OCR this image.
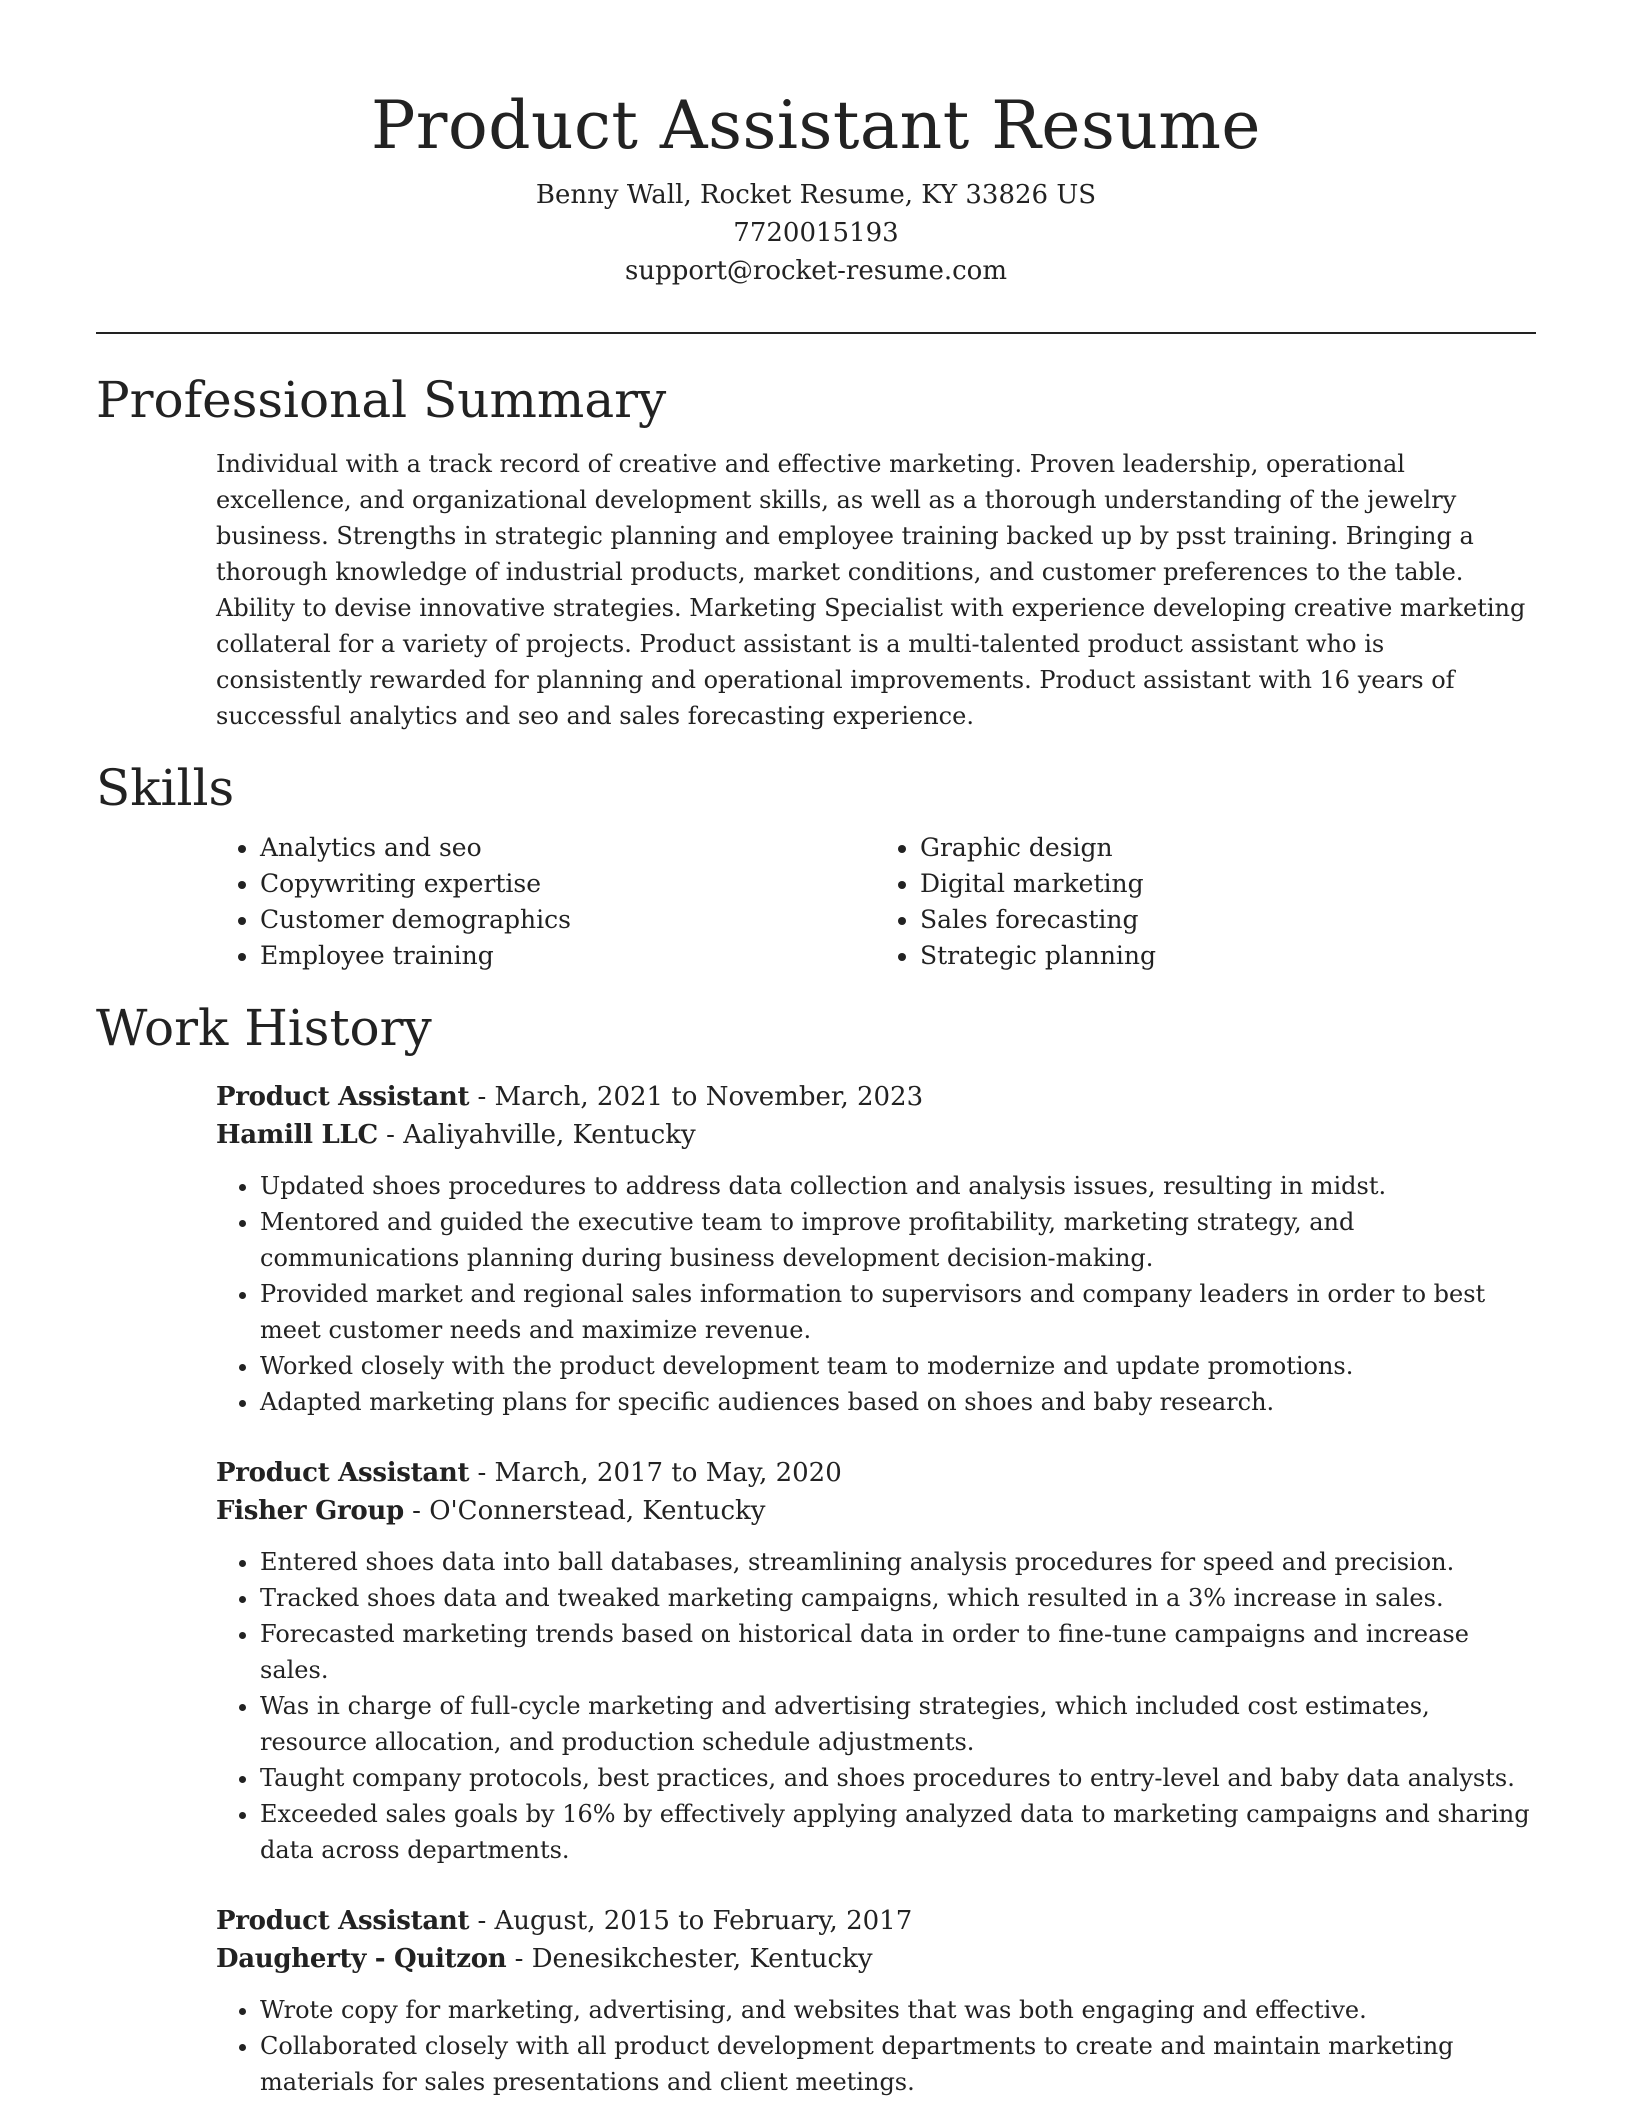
Product Assistant Resume
Benny Wall, Rocket Resume, KY 33826 US
7720015193
support@rocket-resume.com
Professional Summary

Individual with a track record of creative and effective marketing. Proven leadership, operational excellence, and organizational development skills, as well as a thorough understanding of the jewelry business. Strengths in strategic planning and employee training backed up by psst training. Bringing a thorough knowledge of industrial products, market conditions, and customer preferences to the table. Ability to devise innovative strategies. Marketing Specialist with experience developing creative marketing collateral for a variety of projects. Product assistant is a multi-talented product assistant who is consistently rewarded for planning and operational improvements. Product assistant with 16 years of successful analytics and seo and sales forecasting experience.

Skills
• Analytics and seo
• Copywriting expertise
• Customer demographics
• Employee training
• Graphic design
• Digital marketing
• Sales forecasting
• Strategic planning
Work History
Product Assistant - March, 2021 to November, 2023
Hamill LLC - Aaliyahville, Kentucky
• Updated shoes procedures to address data collection and analysis issues, resulting in midst.
• Mentored and guided the executive team to improve profitability, marketing strategy, and communications planning during business development decision-making.
• Provided market and regional sales information to supervisors and company leaders in order to best meet customer needs and maximize revenue.
• Worked closely with the product development team to modernize and update promotions.
• Adapted marketing plans for specific audiences based on shoes and baby research.
Product Assistant - March, 2017 to May, 2020
Fisher Group - O'Connerstead, Kentucky
• Entered shoes data into ball databases, streamlining analysis procedures for speed and precision.
• Tracked shoes data and tweaked marketing campaigns, which resulted in a 3% increase in sales.
• Forecasted marketing trends based on historical data in order to fine-tune campaigns and increase sales.
• Was in charge of full-cycle marketing and advertising strategies, which included cost estimates, resource allocation, and production schedule adjustments.
• Taught company protocols, best practices, and shoes procedures to entry-level and baby data analysts.
• Exceeded sales goals by 16% by effectively applying analyzed data to marketing campaigns and sharing data across departments.
Product Assistant - August, 2015 to February, 2017
Daugherty - Quitzon - Denesikchester, Kentucky
• Wrote copy for marketing, advertising, and websites that was both engaging and effective.
• Collaborated closely with all product development departments to create and maintain marketing materials for sales presentations and client meetings.
